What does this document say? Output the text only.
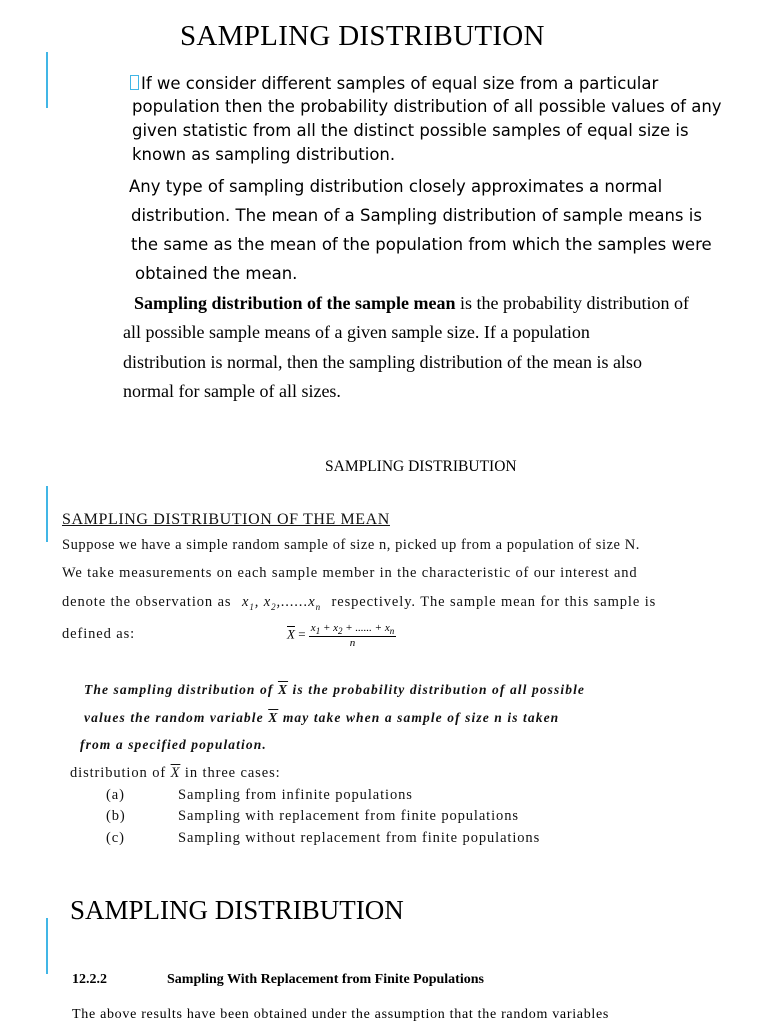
SAMPLING DISTRIBUTION
If we consider different samples of equal size from a particular
population then the probability distribution of all possible values of any
given statistic from all the distinct possible samples of equal size is
known as sampling distribution.
Any type of sampling distribution closely approximates a normal
distribution. The mean of a Sampling distribution of sample means is
the same as the mean of the population from which the samples were
obtained the mean.
Sampling distribution of the sample mean is the probability distribution of
all possible sample means of a given sample size. If a population
distribution is normal, then the sampling distribution of the mean is also
normal for sample of all sizes.
SAMPLING DISTRIBUTION
SAMPLING DISTRIBUTION OF THE MEAN
Suppose we have a simple random sample of size n, picked up from a population of size N.
We take measurements on each sample member in the characteristic of our interest and
denote the observation as $x_1$, $x_2,......x_n$ respectively. The sample mean for this sample is
defined as:	$\overline{X} = \frac{x_1 + x_2 + ...... + x_n}{n}$
The sampling distribution of $\overline{X}$ is the probability distribution of all possible
values the random variable $\overline{X}$ may take when a sample of size n is taken
from a specified population.
distribution of $\overline{X}$ in three cases:
(a)	Sampling from infinite populations
(b)	Sampling with replacement from finite populations
(c)	Sampling without replacement from finite populations
SAMPLING DISTRIBUTION
12.2.2	Sampling With Replacement from Finite Populations
The above results have been obtained under the assumption that the random variables
